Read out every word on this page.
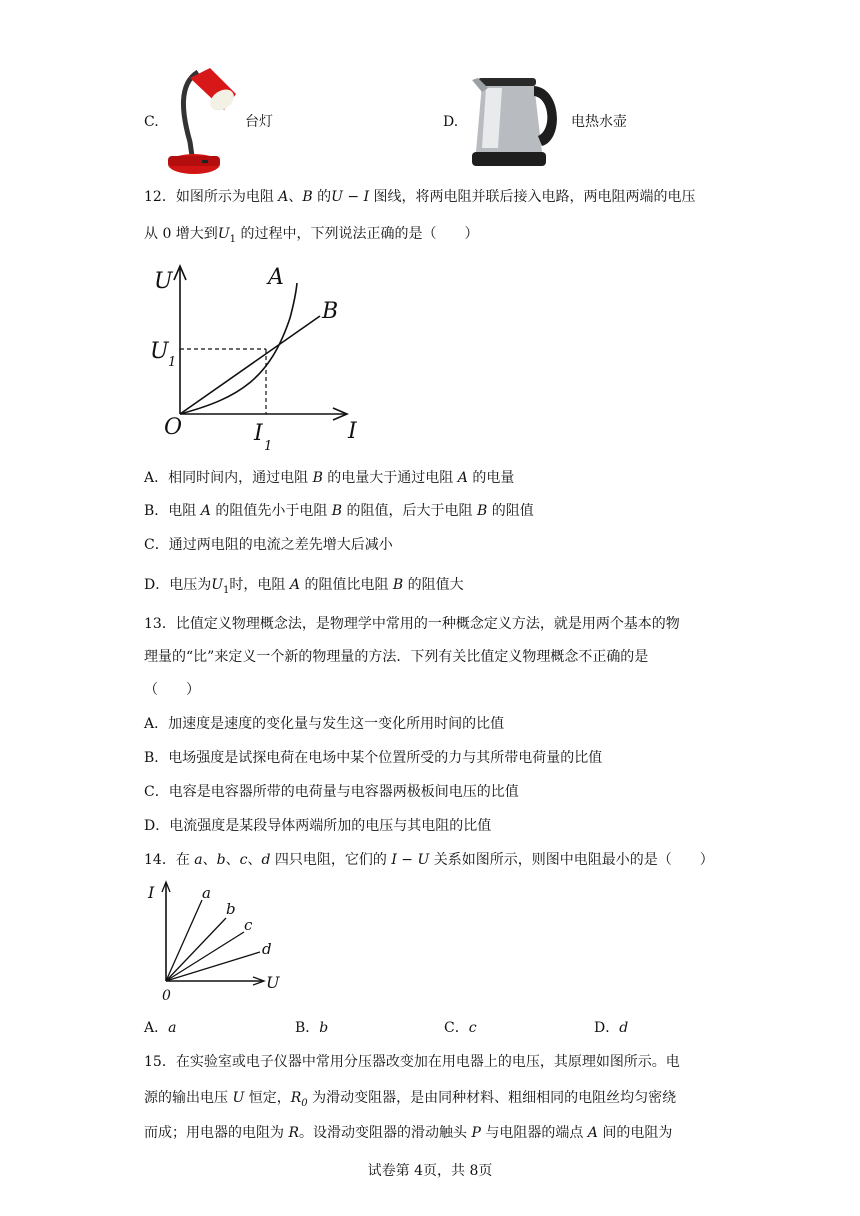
C.	台灯	D.	电热水壶
12．如图所示为电阻 A、B 的U − I 图线，将两电阻并联后接入电路，两电阻两端的电压
从 0 增大到$U_1$ 的过程中，下列说法正确的是（　　）
U
I
O
A
B
U 1
I
1
A．相同时间内，通过电阻 B 的电量大于通过电阻 A 的电量
B．电阻 A 的阻值先小于电阻 B 的阻值，后大于电阻 B 的阻值
C．通过两电阻的电流之差先增大后减小
D．电压为$U_1$时，电阻 A 的阻值比电阻 B 的阻值大
13．比值定义物理概念法，是物理学中常用的一种概念定义方法，就是用两个基本的物
理量的“比”来定义一个新的物理量的方法．下列有关比值定义物理概念不正确的是
（　　）
A．加速度是速度的变化量与发生这一变化所用时间的比值
B．电场强度是试探电荷在电场中某个位置所受的力与其所带电荷量的比值
C．电容是电容器所带的电荷量与电容器两极板间电压的比值
D．电流强度是某段导体两端所加的电压与其电阻的比值
14．在 a、b、c、d 四只电阻，它们的 I − U 关系如图所示，则图中电阻最小的是（　　）
I
U
0
a
b
c
d
A．a	B．b	C．c	D．d
15．在实验室或电子仪器中常用分压器改变加在用电器上的电压，其原理如图所示。电
源的输出电压 U 恒定，$R_0$ 为滑动变阻器，是由同种材料、粗细相同的电阻丝均匀密绕
而成；用电器的电阻为 R。设滑动变阻器的滑动触头 P 与电阻器的端点 A 间的电阻为
试卷第 4页，共 8页
